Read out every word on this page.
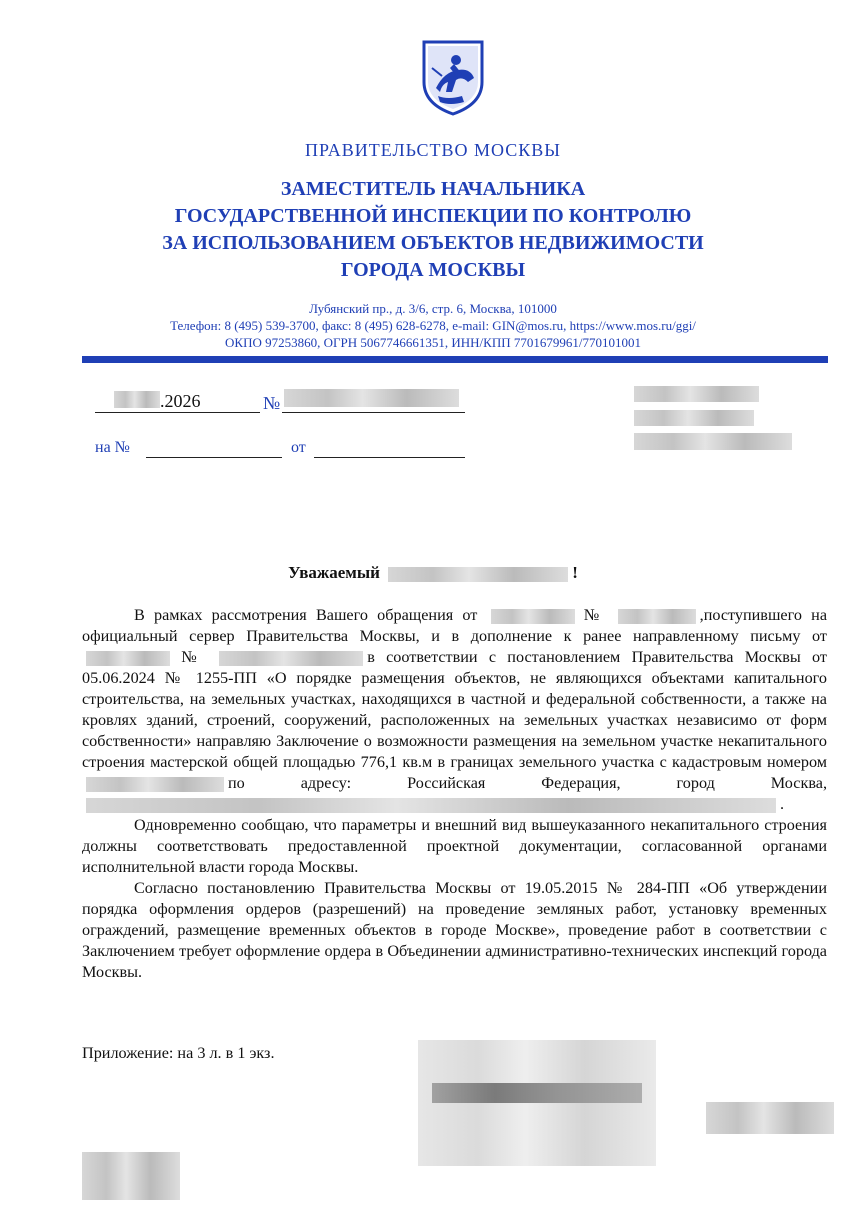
ПРАВИТЕЛЬСТВО МОСКВЫ
ЗАМЕСТИТЕЛЬ НАЧАЛЬНИКА
ГОСУДАРСТВЕННОЙ ИНСПЕКЦИИ ПО КОНТРОЛЮ
ЗА ИСПОЛЬЗОВАНИЕМ ОБЪЕКТОВ НЕДВИЖИМОСТИ
ГОРОДА МОСКВЫ
Лубянский пр., д. 3/6, стр. 6, Москва, 101000
Телефон: 8 (495) 539-3700, факс: 8 (495) 628-6278, e-mail: GIN@mos.ru, https://www.mos.ru/ggi/
ОКПО 97253860, ОГРН 5067746661351, ИНН/КПП 7701679961/770101001
.2026	№
на №	от
Уважаемый	!

В рамках рассмотрения Вашего обращения от	№	,поступившего на официальный сервер Правительства Москвы, и в дополнение к ранее направленному письму от №	в соответствии с постановлением Правительства Москвы от 05.06.2024 № 1255-ПП «О порядке размещения объектов, не являющихся объектами капитального строительства, на земельных участках, находящихся в частной и федеральной собственности, а также на кровлях зданий, строений, сооружений, расположенных на земельных участках независимо от форм собственности» направляю Заключение о возможности размещения на земельном участке некапитального строения мастерской общей площадью 776,1 кв.м в границах земельного участка с кадастровым номером по адресу: Российская Федерация, город Москва, .

Одновременно сообщаю, что параметры и внешний вид вышеуказанного некапитального строения должны соответствовать предоставленной проектной документации, согласованной органами исполнительной власти города Москвы.

Согласно постановлению Правительства Москвы от 19.05.2015 № 284-ПП «Об утверждении порядка оформления ордеров (разрешений) на проведение земляных работ, установку временных ограждений, размещение временных объектов в городе Москве», проведение работ в соответствии с Заключением требует оформление ордера в Объединении административно-технических инспекций города Москвы.

Приложение: на 3 л. в 1 экз.
